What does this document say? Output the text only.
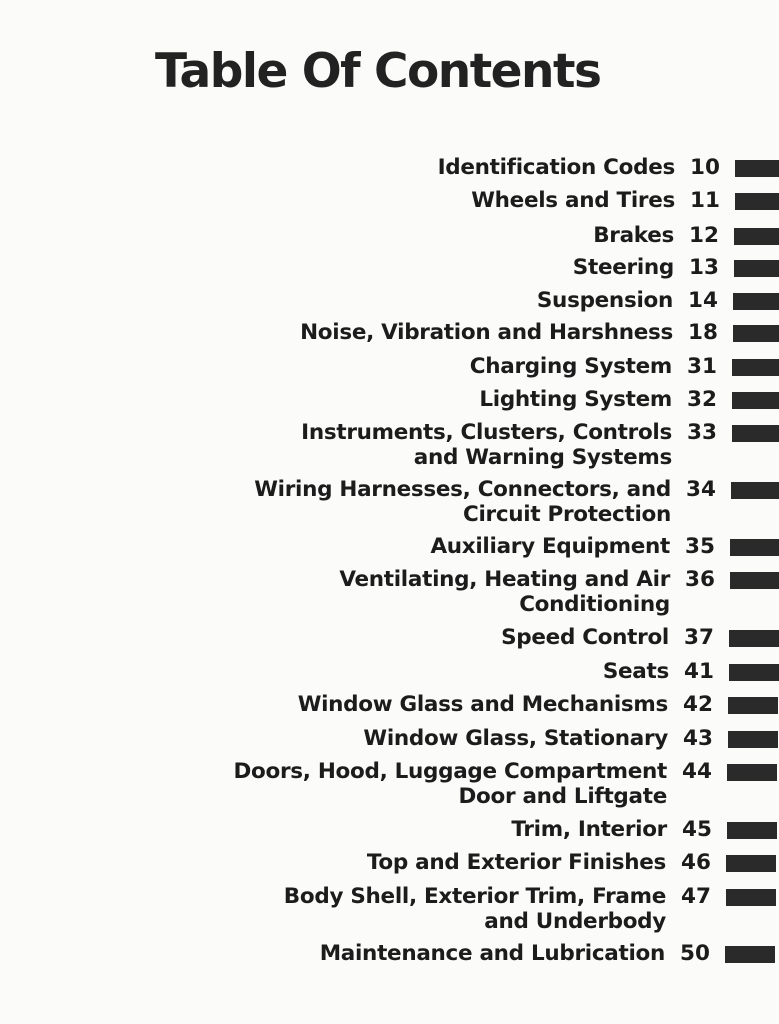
Table Of Contents
Identification Codes 10
Wheels and Tires 11
Brakes 12
Steering 13
Suspension 14
Noise, Vibration and Harshness 18
Charging System 31
Lighting System 32
Instruments, Clusters, Controls
and Warning Systems
33
Wiring Harnesses, Connectors, and
Circuit Protection
34
Auxiliary Equipment 35
Ventilating, Heating and Air
Conditioning
36
Speed Control 37
Seats 41
Window Glass and Mechanisms 42
Window Glass, Stationary 43
Doors, Hood, Luggage Compartment
Door and Liftgate
44
Trim, Interior 45
Top and Exterior Finishes 46
Body Shell, Exterior Trim, Frame
and Underbody
47
Maintenance and Lubrication 50
